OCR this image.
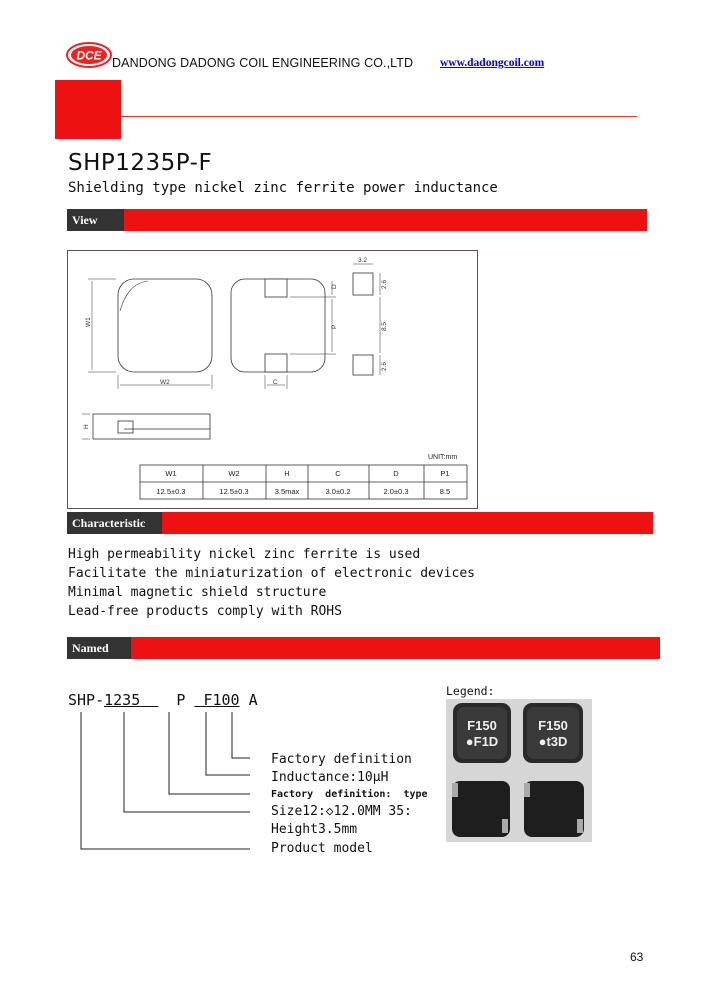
DCE
DANDONG DADONG COIL ENGINEERING CO.,LTD www.dadongcoil.com
SHP1235P-F
Shielding type nickel zinc ferrite power inductance
View
W1
W2
D
P
C
3.2
2.6
8.5
2.6
H
UNIT:mm
W1	W2	H	C	D	P1
12.5±0.3	12.5±0.3	3.5max	3.0±0.2	2.0±0.3	8.5
Characteristic
High permeability nickel zinc ferrite is used
Facilitate the miniaturization of electronic devices
Minimal magnetic shield structure
Lead-free products comply with ROHS
Named
SHP-1235 P F100 A
Factory definition
Inductance:10μH
Factory  definition:  type
Size12:◇12.0MM 35:
Height3.5mm
Product model
Legend:
F150
●F1D
F150
●t3D
63
